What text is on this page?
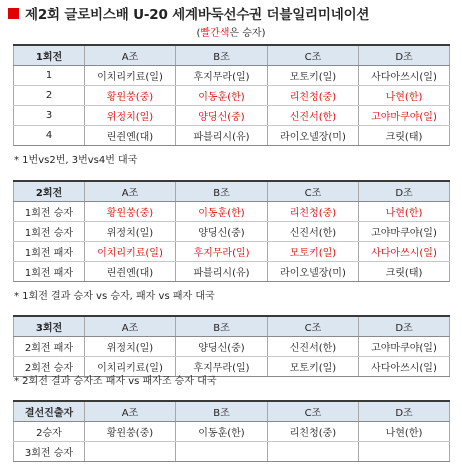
제2회 글로비스배 U-20 세계바둑선수권 더블일리미네이션
(빨간색은 승자)
1회전	A조	B조	C조	D조
1	이치리키료(일)	후지무라(일)	모토키(일)	사다아쓰시(일)
2	황윈쑹(중)	이동훈(한)	리친청(중)	나현(한)
3	위정치(일)	양딩신(중)	신진서(한)	고야마쿠야(일)
4	린쥔옌(대)	파블리시(유)	라이오넬장(미)	크릿(태)
* 1번vs2번, 3번vs4번 대국
2회전	A조	B조	C조	D조
1회전 승자	황윈쑹(중)	이동훈(한)	리친청(중)	나현(한)
1회전 승자	위정치(일)	양딩신(중)	신진서(한)	고야마쿠야(일)
1회전 패자	이치리키료(일)	후지무라(일)	모토키(일)	사다아쓰시(일)
1회전 패자	린쥔옌(대)	파블리시(유)	라이오넬장(미)	크릿(태)
* 1회전 결과 승자 vs 승자, 패자 vs 패자 대국
3회전	A조	B조	C조	D조
2회전 패자	위정치(일)	양딩신(중)	신진서(한)	고야마쿠야(일)
2회전 승자	이치리키료(일)	후지무라(일)	모토키(일)	사다아쓰시(일)
* 2회전 결과 승자조 패자 vs 패자조 승자 대국
결선진출자	A조	B조	C조	D조
2승자	황윈쑹(중)	이동훈(한)	리친청(중)	나현(한)
3회전 승자				
